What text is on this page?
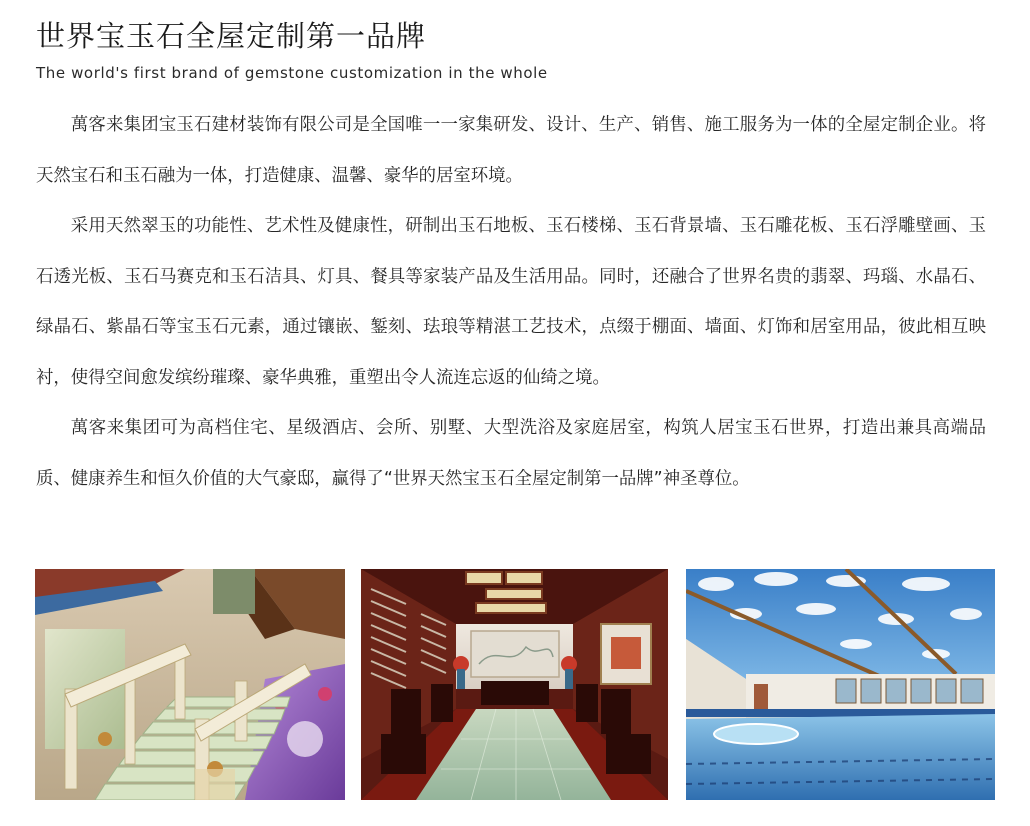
世界宝玉石全屋定制第一品牌
The world's first brand of gemstone customization in the whole

萬客来集团宝玉石建材装饰有限公司是全国唯一一家集研发、设计、生产、销售、施工服务为一体的全屋定制企业。将天然宝石和玉石融为一体，打造健康、温馨、豪华的居室环境。

采用天然翠玉的功能性、艺术性及健康性，研制出玉石地板、玉石楼梯、玉石背景墙、玉石雕花板、玉石浮雕壁画、玉石透光板、玉石马赛克和玉石洁具、灯具、餐具等家装产品及生活用品。同时，还融合了世界名贵的翡翠、玛瑙、水晶石、绿晶石、紫晶石等宝玉石元素，通过镶嵌、錾刻、珐琅等精湛工艺技术，点缀于棚面、墙面、灯饰和居室用品，彼此相互映衬，使得空间愈发缤纷璀璨、豪华典雅，重塑出令人流连忘返的仙绮之境。

萬客来集团可为高档住宅、星级酒店、会所、别墅、大型洗浴及家庭居室，构筑人居宝玉石世界，打造出兼具高端品质、健康养生和恒久价值的大气豪邸，赢得了“世界天然宝玉石全屋定制第一品牌”神圣尊位。
